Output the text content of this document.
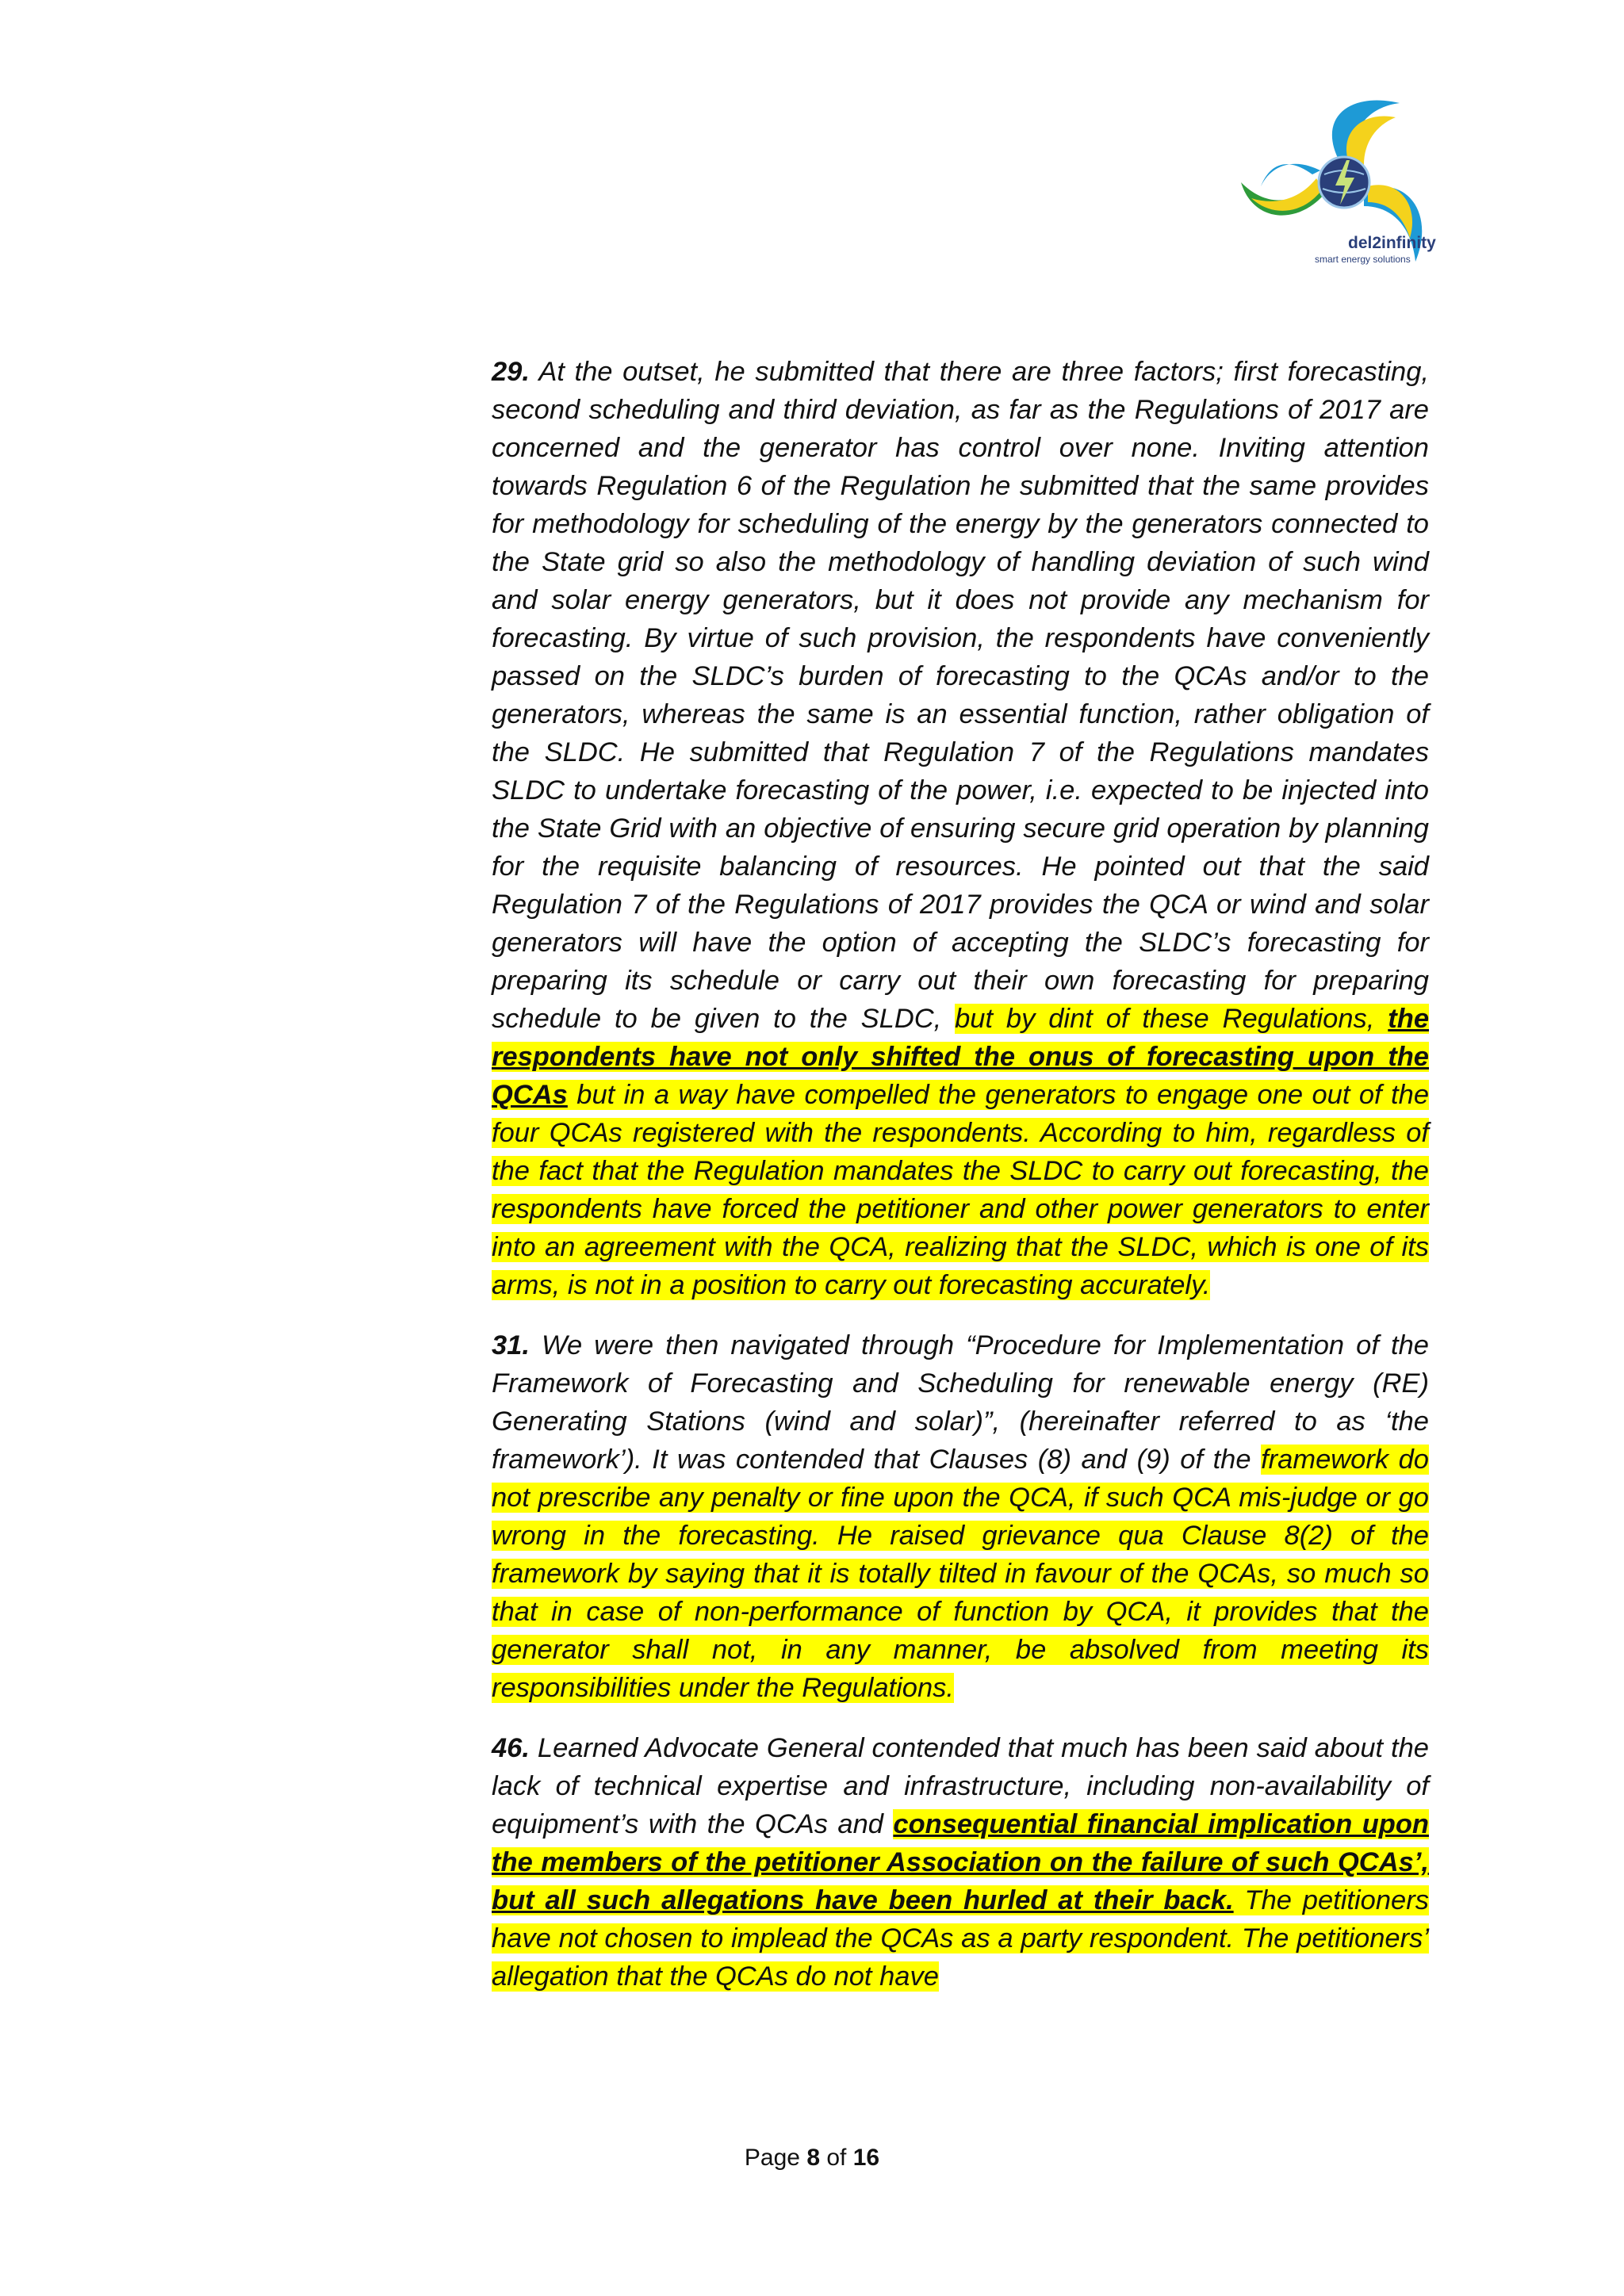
del2infinity
smart energy solutions

29. At the outset, he submitted that there are three factors; first forecasting, second scheduling and third deviation, as far as the Regulations of 2017 are concerned and the generator has control over none. Inviting attention towards Regulation 6 of the Regulation he submitted that the same provides for methodology for scheduling of the energy by the generators connected to the State grid so also the methodology of handling deviation of such wind and solar energy generators, but it does not provide any mechanism for forecasting. By virtue of such provision, the respondents have conveniently passed on the SLDC’s burden of forecasting to the QCAs and/or to the generators, whereas the same is an essential function, rather obligation of the SLDC. He submitted that Regulation 7 of the Regulations mandates SLDC to undertake forecasting of the power, i.e. expected to be injected into the State Grid with an objective of ensuring secure grid operation by planning for the requisite balancing of resources. He pointed out that the said Regulation 7 of the Regulations of 2017 provides the QCA or wind and solar generators will have the option of accepting the SLDC’s forecasting for preparing its schedule or carry out their own forecasting for preparing schedule to be given to the SLDC, but by dint of these Regulations, the respondents have not only shifted the onus of forecasting upon the QCAs but in a way have compelled the generators to engage one out of the four QCAs registered with the respondents. According to him, regardless of the fact that the Regulation mandates the SLDC to carry out forecasting, the respondents have forced the petitioner and other power generators to enter into an agreement with the QCA, realizing that the SLDC, which is one of its arms, is not in a position to carry out forecasting accurately.

31. We were then navigated through “Procedure for Implementation of the Framework of Forecasting and Scheduling for renewable energy (RE) Generating Stations (wind and solar)”, (hereinafter referred to as ‘the framework’). It was contended that Clauses (8) and (9) of the framework do not prescribe any penalty or fine upon the QCA, if such QCA mis-judge or go wrong in the forecasting. He raised grievance qua Clause 8(2) of the framework by saying that it is totally tilted in favour of the QCAs, so much so that in case of non-performance of function by QCA, it provides that the generator shall not, in any manner, be absolved from meeting its responsibilities under the Regulations.

46. Learned Advocate General contended that much has been said about the lack of technical expertise and infrastructure, including non-availability of equipment’s with the QCAs and consequential financial implication upon the members of the petitioner Association on the failure of such QCAs’, but all such allegations have been hurled at their back. The petitioners have not chosen to implead the QCAs as a party respondent. The petitioners’ allegation that the QCAs do not have

Page 8 of 16
